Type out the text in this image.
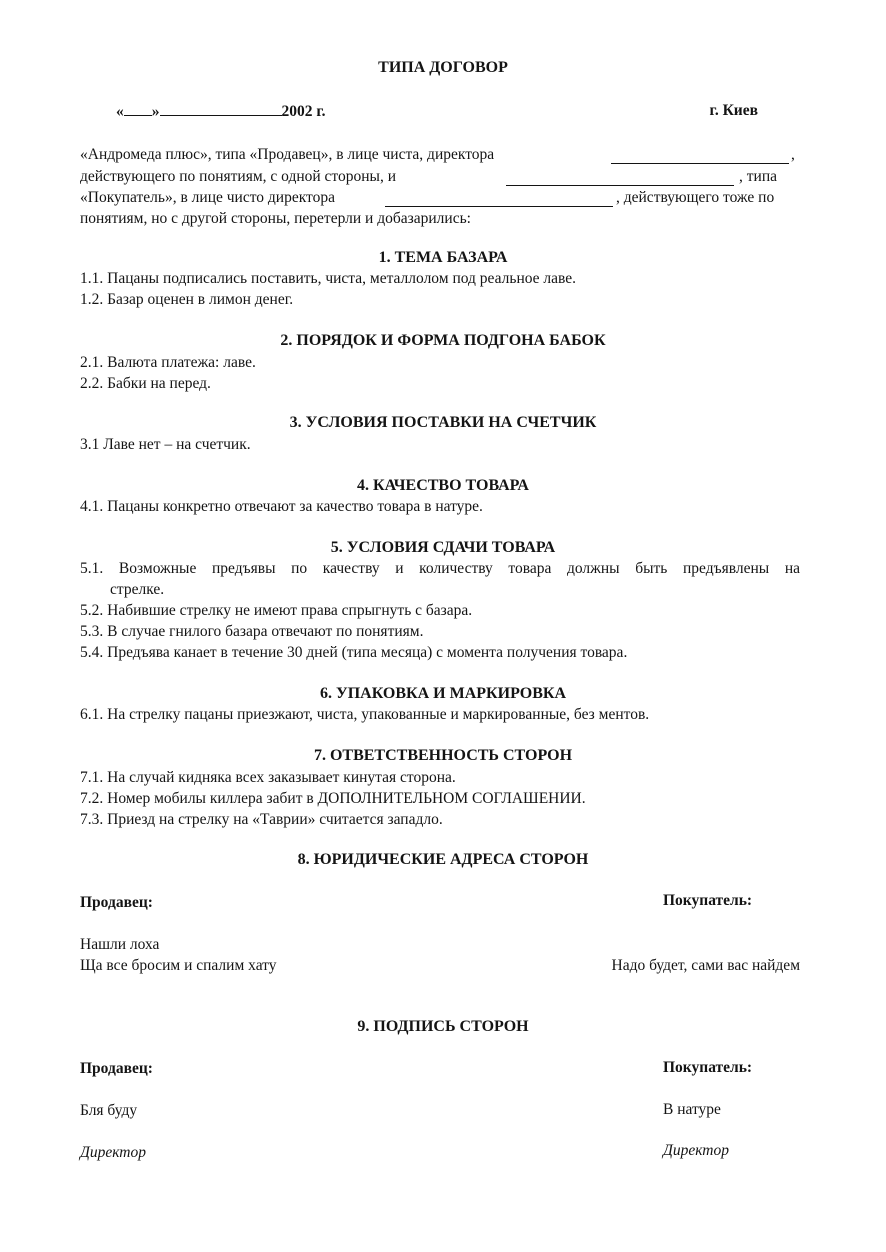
ТИПА ДОГОВОР
« »	2002 г.	г. Киев
«Андромеда плюс», типа «Продавец», в лице чиста, директора	,
действующего по понятиям, с одной стороны, и	, типа
«Покупатель», в лице чисто директора	, действующего тоже по
понятиям, но с другой стороны, перетерли и добазарились:
1. ТЕМА БАЗАРА
1.1. Пацаны подписались поставить, чиста, металлолом под реальное лаве.
1.2. Базар оценен в лимон денег.
2. ПОРЯДОК И ФОРМА ПОДГОНА БАБОК
2.1. Валюта платежа: лаве.
2.2. Бабки на перед.
3. УСЛОВИЯ ПОСТАВКИ НА СЧЕТЧИК
3.1 Лаве нет – на счетчик.
4. КАЧЕСТВО ТОВАРА
4.1. Пацаны конкретно отвечают за качество товара в натуре.
5. УСЛОВИЯ СДАЧИ ТОВАРА
5.1. Возможные предъявы по качеству и количеству товара должны быть предъявлены на
стрелке.
5.2. Набившие стрелку не имеют права спрыгнуть с базара.
5.3. В случае гнилого базара отвечают по понятиям.
5.4. Предъява канает в течение 30 дней (типа месяца) с момента получения товара.
6. УПАКОВКА И МАРКИРОВКА
6.1. На стрелку пацаны приезжают, чиста, упакованные и маркированные, без ментов.
7. ОТВЕТСТВЕННОСТЬ СТОРОН
7.1. На случай кидняка всех заказывает кинутая сторона.
7.2. Номер мобилы киллера забит в ДОПОЛНИТЕЛЬНОМ СОГЛАШЕНИИ.
7.3. Приезд на стрелку на «Таврии» считается западло.
8. ЮРИДИЧЕСКИЕ АДРЕСА СТОРОН
Продавец:	Покупатель:
Нашли лоха
Ща все бросим и спалим хату	Надо будет, сами вас найдем
9. ПОДПИСЬ СТОРОН
Продавец:	Покупатель:
Бля буду	В натуре
Директор	Директор
